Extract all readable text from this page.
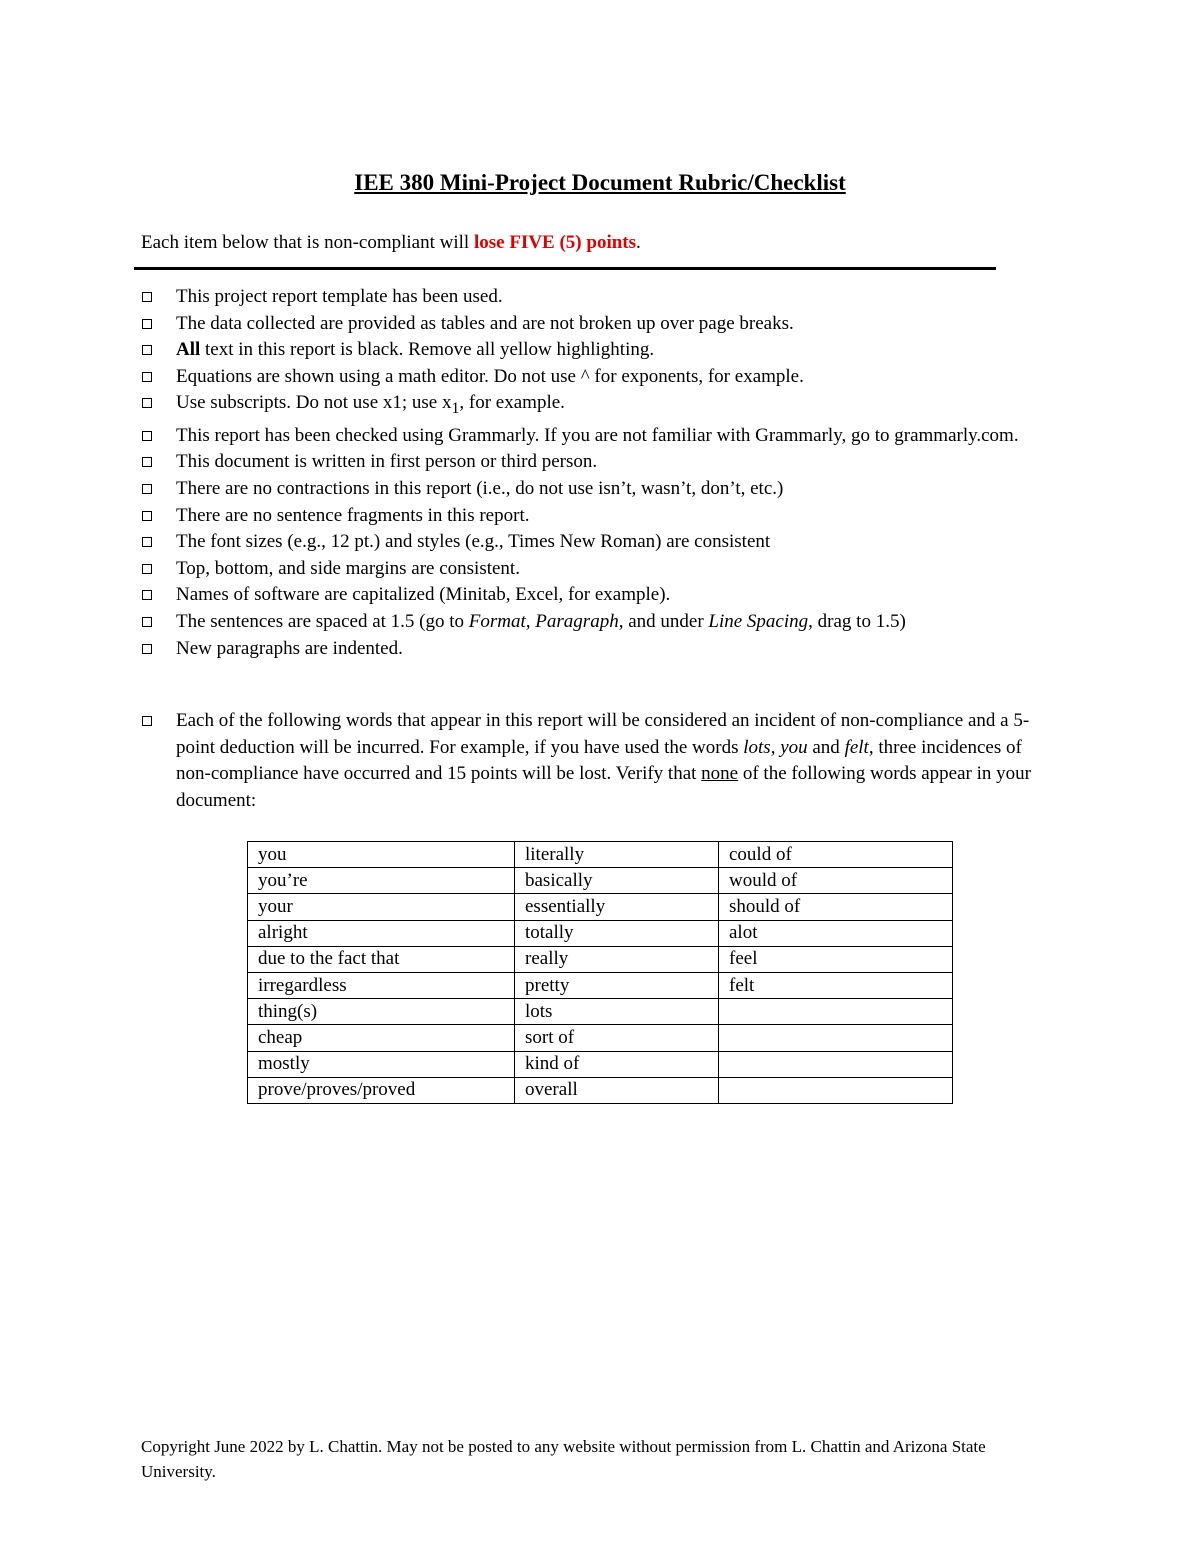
IEE 380 Mini-Project Document Rubric/Checklist
Each item below that is non-compliant will lose FIVE (5) points.
This project report template has been used.
The data collected are provided as tables and are not broken up over page breaks.
All text in this report is black. Remove all yellow highlighting.
Equations are shown using a math editor. Do not use ^ for exponents, for example.
Use subscripts. Do not use x1; use $x_1$, for example.
This report has been checked using Grammarly. If you are not familiar with Grammarly, go to grammarly.com.
This document is written in first person or third person.
There are no contractions in this report (i.e., do not use isn’t, wasn’t, don’t, etc.)
There are no sentence fragments in this report.
The font sizes (e.g., 12 pt.) and styles (e.g., Times New Roman) are consistent
Top, bottom, and side margins are consistent.
Names of software are capitalized (Minitab, Excel, for example).
The sentences are spaced at 1.5 (go to Format, Paragraph, and under Line Spacing, drag to 1.5)
New paragraphs are indented.
Each of the following words that appear in this report will be considered an incident of non-compliance and a 5-point deduction will be incurred. For example, if you have used the words lots, you and felt, three incidences of non-compliance have occurred and 15 points will be lost. Verify that none of the following words appear in your document:
you	literally	could of
you’re	basically	would of
your	essentially	should of
alright	totally	alot
due to the fact that	really	feel
irregardless	pretty	felt
thing(s)	lots	
cheap	sort of	
mostly	kind of	
prove/proves/proved	overall	
Copyright June 2022 by L. Chattin. May not be posted to any website without permission from L. Chattin and Arizona State University.
